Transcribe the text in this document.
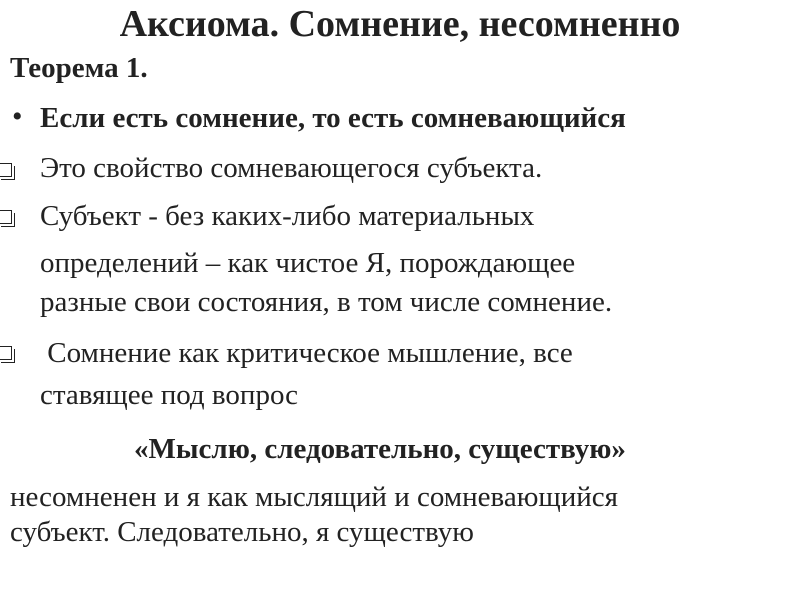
Аксиома. Сомнение, несомненно
Теорема 1.
• Если есть сомнение, то есть сомневающийся
Это свойство сомневающегося субъекта.
Субъект - без каких-либо материальных
определений – как чистое Я, порождающее
разные свои состояния, в том числе сомнение.
Сомнение как критическое мышление, все
ставящее под вопрос
«Мыслю, следовательно, существую»
несомненен и я как мыслящий и сомневающийся
субъект. Следовательно, я существую
